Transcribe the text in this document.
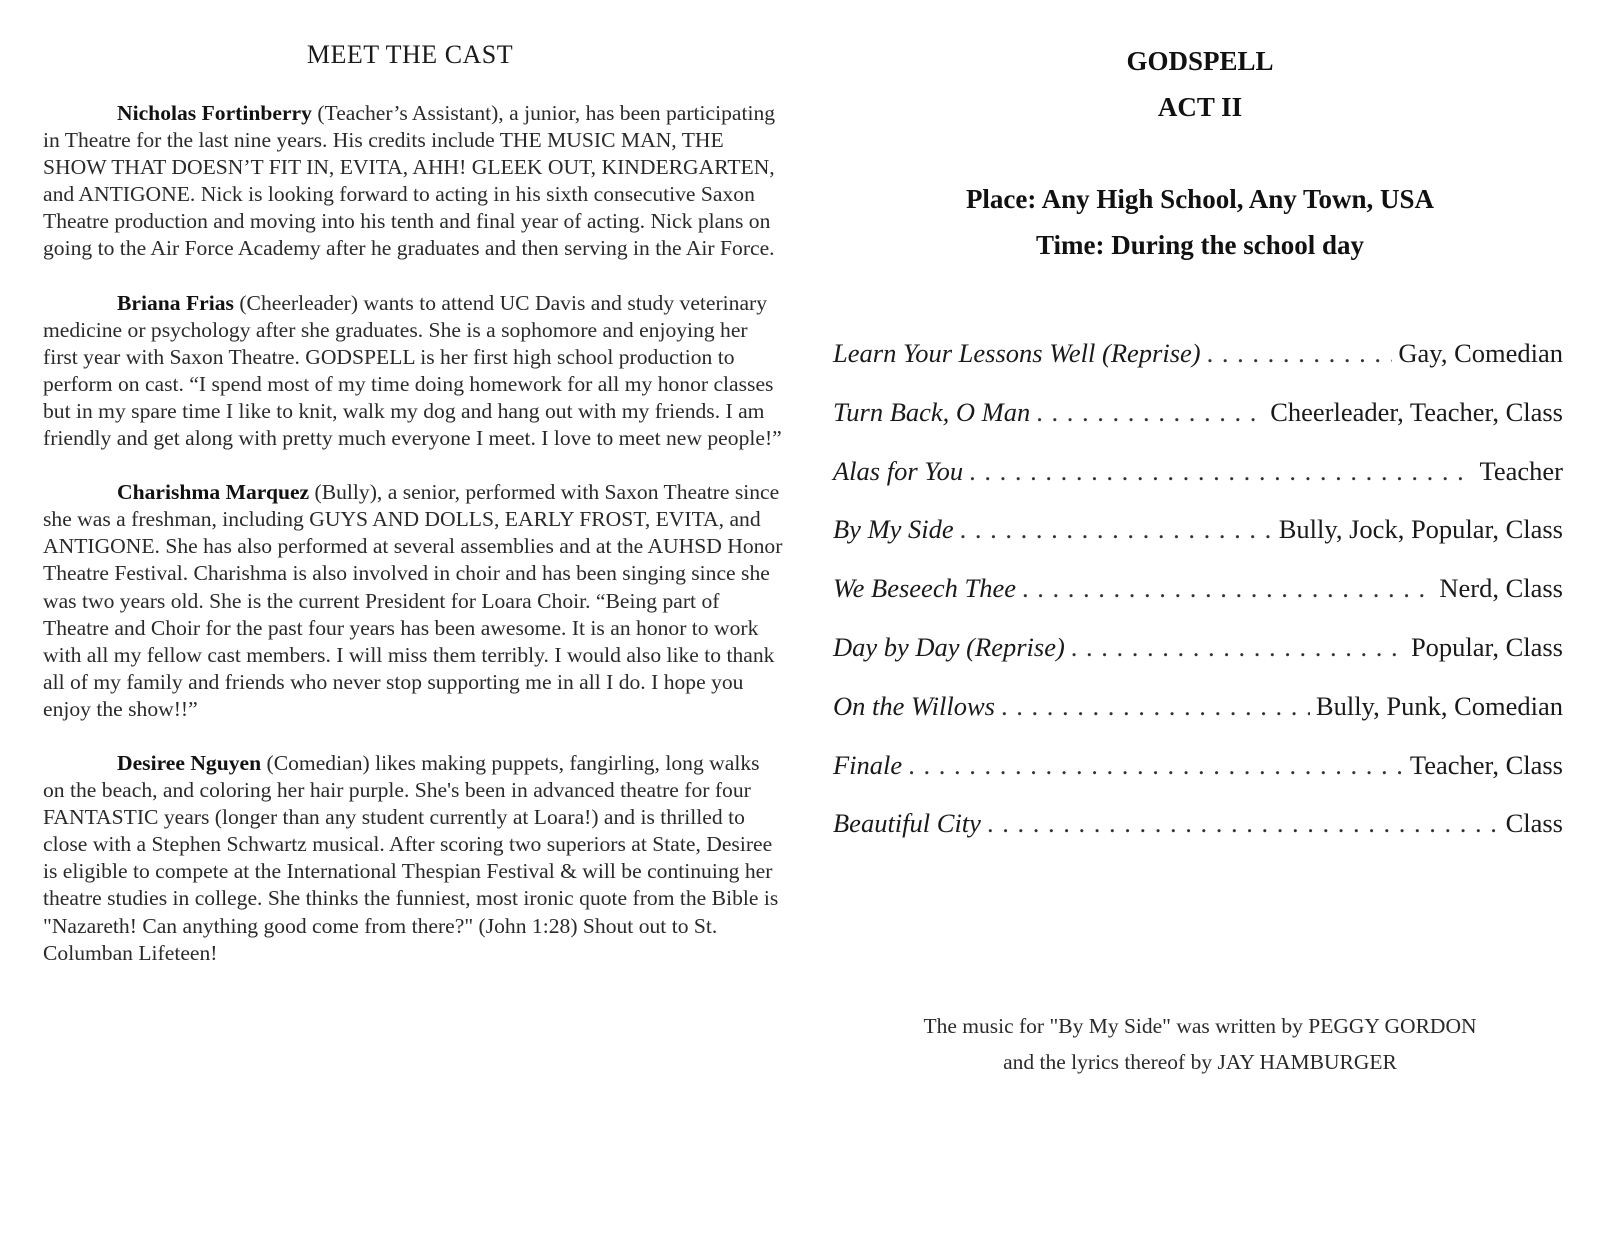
MEET THE CAST

Nicholas Fortinberry (Teacher’s Assistant), a junior, has been participating in Theatre for the last nine years. His credits include THE MUSIC MAN, THE SHOW THAT DOESN’T FIT IN, EVITA, AHH! GLEEK OUT, KINDERGARTEN, and ANTIGONE. Nick is looking forward to acting in his sixth consecutive Saxon Theatre production and moving into his tenth and final year of acting. Nick plans on going to the Air Force Academy after he graduates and then serving in the Air Force.

Briana Frias (Cheerleader) wants to attend UC Davis and study veterinary medicine or psychology after she graduates. She is a sophomore and enjoying her first year with Saxon Theatre. GODSPELL is her first high school production to perform on cast. “I spend most of my time doing homework for all my honor classes but in my spare time I like to knit, walk my dog and hang out with my friends. I am friendly and get along with pretty much everyone I meet. I love to meet new people!”

Charishma Marquez (Bully), a senior, performed with Saxon Theatre since she was a freshman, including GUYS AND DOLLS, EARLY FROST, EVITA, and ANTIGONE. She has also performed at several assemblies and at the AUHSD Honor Theatre Festival. Charishma is also involved in choir and has been singing since she was two years old. She is the current President for Loara Choir. “Being part of Theatre and Choir for the past four years has been awesome. It is an honor to work with all my fellow cast members. I will miss them terribly. I would also like to thank all of my family and friends who never stop supporting me in all I do. I hope you enjoy the show!!”

Desiree Nguyen (Comedian) likes making puppets, fangirling, long walks on the beach, and coloring her hair purple. She's been in advanced theatre for four FANTASTIC years (longer than any student currently at Loara!) and is thrilled to close with a Stephen Schwartz musical. After scoring two superiors at State, Desiree is eligible to compete at the International Thespian Festival & will be continuing her theatre studies in college. She thinks the funniest, most ironic quote from the Bible is "Nazareth! Can anything good come from there?" (John 1:28) Shout out to St. Columban Lifeteen!

GODSPELL
ACT II

Place: Any High School, Any Town, USA

Time: During the school day

Learn Your Lessons Well (Reprise) . . .	Gay, Comedian
Turn Back, O Man . . .	Cheerleader, Teacher, Class
Alas for You . . .	Teacher
By My Side . . .	Bully, Jock, Popular, Class
We Beseech Thee . . .	Nerd, Class
Day by Day (Reprise) . . .	Popular, Class
On the Willows . . .	Bully, Punk, Comedian
Finale . . .	Teacher, Class
Beautiful City . . .	Class

The music for "By My Side" was written by PEGGY GORDON
and the lyrics thereof by JAY HAMBURGER
